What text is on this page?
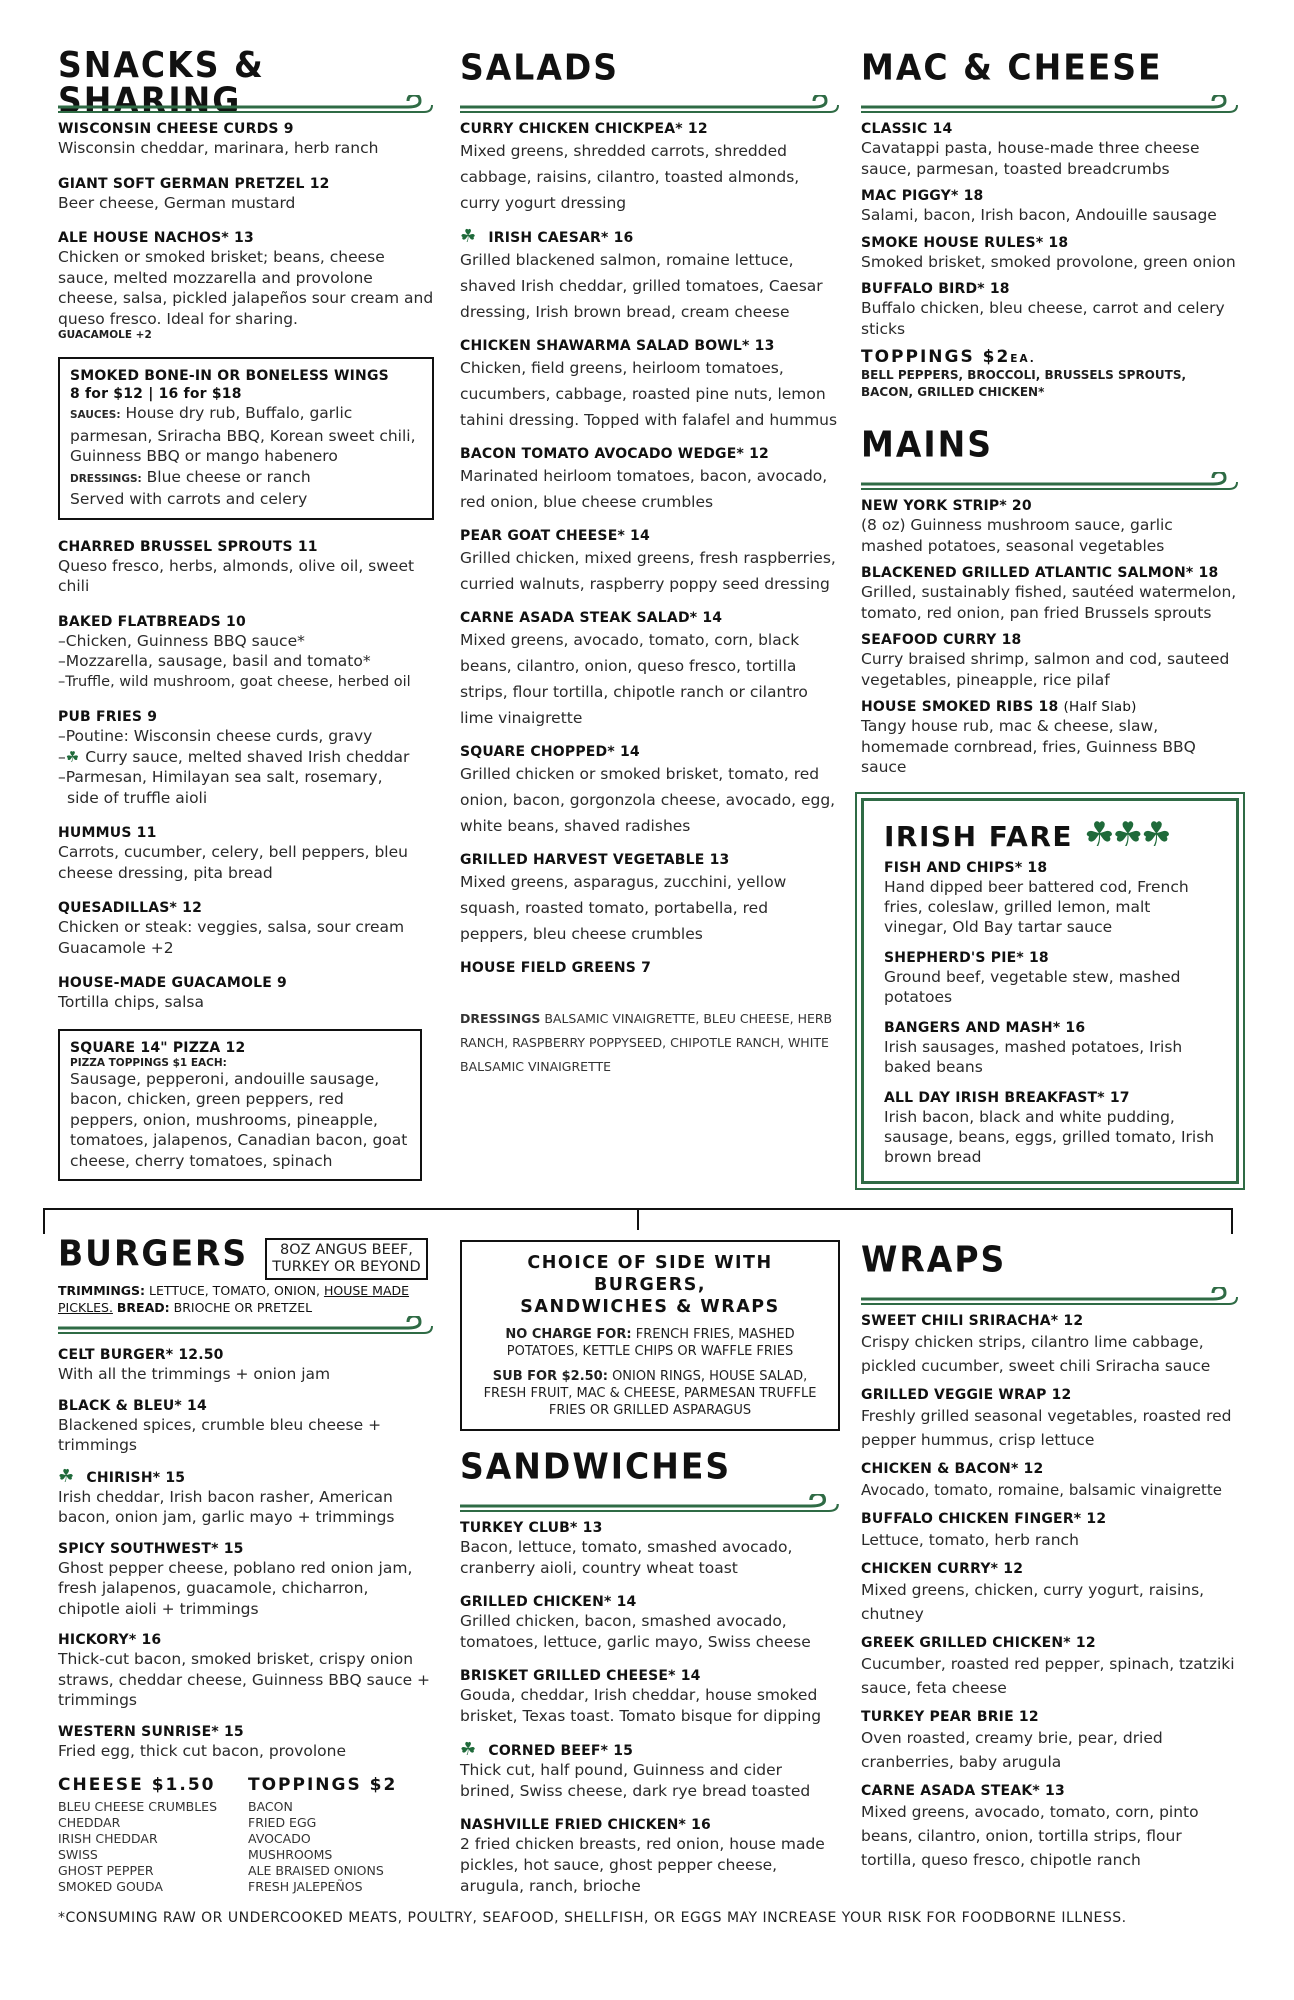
SNACKS & SHARING
WISCONSIN CHEESE CURDS 9
Wisconsin cheddar, marinara, herb ranch
GIANT SOFT GERMAN PRETZEL 12
Beer cheese, German mustard
ALE HOUSE NACHOS* 13
Chicken or smoked brisket; beans, cheese sauce, melted mozzarella and provolone cheese, salsa, pickled jalapeños sour cream and queso fresco. Ideal for sharing.
GUACAMOLE +2
SMOKED BONE-IN OR BONELESS WINGS
8 for $12 | 16 for $18
SAUCES: House dry rub, Buffalo, garlic parmesan, Sriracha BBQ, Korean sweet chili, Guinness BBQ or mango habenero
DRESSINGS: Blue cheese or ranch
Served with carrots and celery
CHARRED BRUSSEL SPROUTS 11
Queso fresco, herbs, almonds, olive oil, sweet chili
BAKED FLATBREADS 10
–Chicken, Guinness BBQ sauce*
–Mozzarella, sausage, basil and tomato*
–Truffle, wild mushroom, goat cheese, herbed oil
PUB FRIES 9
–Poutine: Wisconsin cheese curds, gravy
–☘ Curry sauce, melted shaved Irish cheddar
–Parmesan, Himilayan sea salt, rosemary,
side of truffle aioli
HUMMUS 11
Carrots, cucumber, celery, bell peppers, bleu cheese dressing, pita bread
QUESADILLAS* 12
Chicken or steak: veggies, salsa, sour cream Guacamole +2
HOUSE-MADE GUACAMOLE 9
Tortilla chips, salsa
SQUARE 14" PIZZA 12
PIZZA TOPPINGS $1 EACH:
Sausage, pepperoni, andouille sausage, bacon, chicken, green peppers, red peppers, onion, mushrooms, pineapple, tomatoes, jalapenos, Canadian bacon, goat cheese, cherry tomatoes, spinach
SALADS
CURRY CHICKEN CHICKPEA* 12
Mixed greens, shredded carrots, shredded cabbage, raisins, cilantro, toasted almonds, curry yogurt dressing
☘ IRISH CAESAR* 16
Grilled blackened salmon, romaine lettuce, shaved Irish cheddar, grilled tomatoes, Caesar dressing, Irish brown bread, cream cheese
CHICKEN SHAWARMA SALAD BOWL* 13
Chicken, field greens, heirloom tomatoes, cucumbers, cabbage, roasted pine nuts, lemon tahini dressing. Topped with falafel and hummus
BACON TOMATO AVOCADO WEDGE* 12
Marinated heirloom tomatoes, bacon, avocado, red onion, blue cheese crumbles
PEAR GOAT CHEESE* 14
Grilled chicken, mixed greens, fresh raspberries, curried walnuts, raspberry poppy seed dressing
CARNE ASADA STEAK SALAD* 14
Mixed greens, avocado, tomato, corn, black beans, cilantro, onion, queso fresco, tortilla strips, flour tortilla, chipotle ranch or cilantro lime vinaigrette
SQUARE CHOPPED* 14
Grilled chicken or smoked brisket, tomato, red onion, bacon, gorgonzola cheese, avocado, egg, white beans, shaved radishes
GRILLED HARVEST VEGETABLE 13
Mixed greens, asparagus, zucchini, yellow squash, roasted tomato, portabella, red peppers, bleu cheese crumbles
HOUSE FIELD GREENS 7
DRESSINGS BALSAMIC VINAIGRETTE, BLEU CHEESE, HERB RANCH, RASPBERRY POPPYSEED, CHIPOTLE RANCH, WHITE BALSAMIC VINAIGRETTE
MAC & CHEESE
CLASSIC 14
Cavatappi pasta, house-made three cheese sauce, parmesan, toasted breadcrumbs
MAC PIGGY* 18
Salami, bacon, Irish bacon, Andouille sausage
SMOKE HOUSE RULES* 18
Smoked brisket, smoked provolone, green onion
BUFFALO BIRD* 18
Buffalo chicken, bleu cheese, carrot and celery sticks
TOPPINGS $2EA.
BELL PEPPERS, BROCCOLI, BRUSSELS SPROUTS, BACON, GRILLED CHICKEN*
MAINS
NEW YORK STRIP* 20
(8 oz) Guinness mushroom sauce, garlic mashed potatoes, seasonal vegetables
BLACKENED GRILLED ATLANTIC SALMON* 18
Grilled, sustainably fished, sautéed watermelon, tomato, red onion, pan fried Brussels sprouts
SEAFOOD CURRY 18
Curry braised shrimp, salmon and cod, sauteed vegetables, pineapple, rice pilaf
HOUSE SMOKED RIBS 18 (Half Slab)
Tangy house rub, mac & cheese, slaw, homemade cornbread, fries, Guinness BBQ sauce
IRISH FARE ☘☘☘
FISH AND CHIPS* 18
Hand dipped beer battered cod, French fries, coleslaw, grilled lemon, malt vinegar, Old Bay tartar sauce
SHEPHERD'S PIE* 18
Ground beef, vegetable stew, mashed potatoes
BANGERS AND MASH* 16
Irish sausages, mashed potatoes, Irish baked beans
ALL DAY IRISH BREAKFAST* 17
Irish bacon, black and white pudding, sausage, beans, eggs, grilled tomato, Irish brown bread
BURGERS	8OZ ANGUS BEEF,
TURKEY OR BEYOND
TRIMMINGS: LETTUCE, TOMATO, ONION, HOUSE MADE PICKLES. BREAD: BRIOCHE OR PRETZEL
CELT BURGER* 12.50
With all the trimmings + onion jam
BLACK & BLEU* 14
Blackened spices, crumble bleu cheese + trimmings
☘ CHIRISH* 15
Irish cheddar, Irish bacon rasher, American bacon, onion jam, garlic mayo + trimmings
SPICY SOUTHWEST* 15
Ghost pepper cheese, poblano red onion jam, fresh jalapenos, guacamole, chicharron, chipotle aioli + trimmings
HICKORY* 16
Thick-cut bacon, smoked brisket, crispy onion straws, cheddar cheese, Guinness BBQ sauce + trimmings
WESTERN SUNRISE* 15
Fried egg, thick cut bacon, provolone
CHEESE $1.50
BLEU CHEESE CRUMBLES
CHEDDAR
IRISH CHEDDAR
SWISS
GHOST PEPPER
SMOKED GOUDA
TOPPINGS $2
BACON
FRIED EGG
AVOCADO
MUSHROOMS
ALE BRAISED ONIONS
FRESH JALEPEÑOS
CHOICE OF SIDE WITH BURGERS,
SANDWICHES & WRAPS
NO CHARGE FOR: FRENCH FRIES, MASHED POTATOES, KETTLE CHIPS OR WAFFLE FRIES
SUB FOR $2.50: ONION RINGS, HOUSE SALAD, FRESH FRUIT, MAC & CHEESE, PARMESAN TRUFFLE FRIES OR GRILLED ASPARAGUS
SANDWICHES
TURKEY CLUB* 13
Bacon, lettuce, tomato, smashed avocado, cranberry aioli, country wheat toast
GRILLED CHICKEN* 14
Grilled chicken, bacon, smashed avocado, tomatoes, lettuce, garlic mayo, Swiss cheese
BRISKET GRILLED CHEESE* 14
Gouda, cheddar, Irish cheddar, house smoked brisket, Texas toast. Tomato bisque for dipping
☘ CORNED BEEF* 15
Thick cut, half pound, Guinness and cider brined, Swiss cheese, dark rye bread toasted
NASHVILLE FRIED CHICKEN* 16
2 fried chicken breasts, red onion, house made pickles, hot sauce, ghost pepper cheese, arugula, ranch, brioche
WRAPS
SWEET CHILI SRIRACHA* 12
Crispy chicken strips, cilantro lime cabbage, pickled cucumber, sweet chili Sriracha sauce
GRILLED VEGGIE WRAP 12
Freshly grilled seasonal vegetables, roasted red pepper hummus, crisp lettuce
CHICKEN & BACON* 12
Avocado, tomato, romaine, balsamic vinaigrette
BUFFALO CHICKEN FINGER* 12
Lettuce, tomato, herb ranch
CHICKEN CURRY* 12
Mixed greens, chicken, curry yogurt, raisins, chutney
GREEK GRILLED CHICKEN* 12
Cucumber, roasted red pepper, spinach, tzatziki sauce, feta cheese
TURKEY PEAR BRIE 12
Oven roasted, creamy brie, pear, dried cranberries, baby arugula
CARNE ASADA STEAK* 13
Mixed greens, avocado, tomato, corn, pinto beans, cilantro, onion, tortilla strips, flour tortilla, queso fresco, chipotle ranch
*CONSUMING RAW OR UNDERCOOKED MEATS, POULTRY, SEAFOOD, SHELLFISH, OR EGGS MAY INCREASE YOUR RISK FOR FOODBORNE ILLNESS.
